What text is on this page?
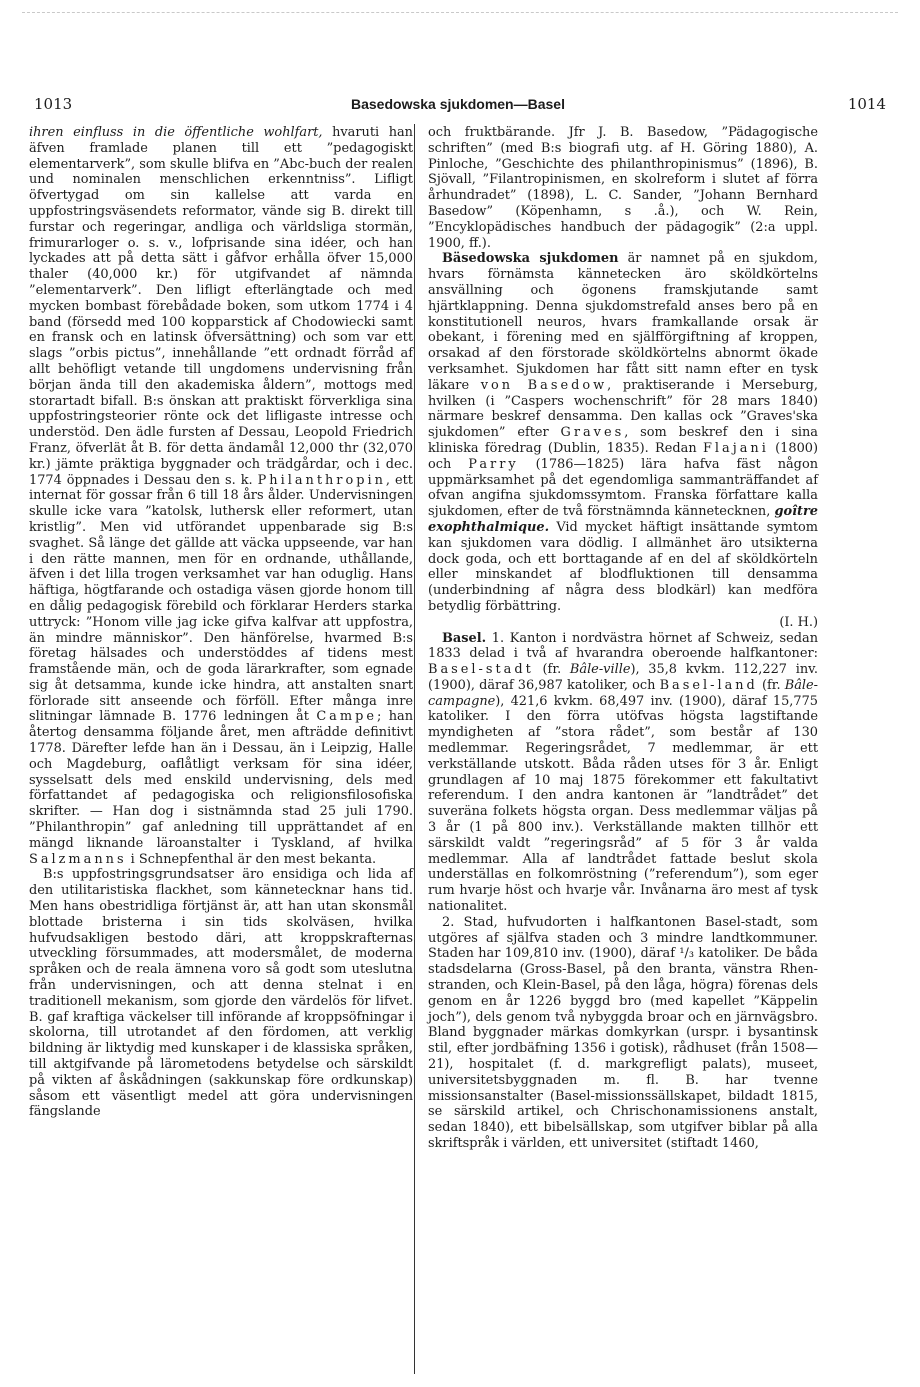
1013	Basedowska sjukdomen—Basel	1014

ihren einfluss in die öffentliche wohlfart, hvaruti han äfven framlade planen till ett ”pedagogiskt elementarverk”, som skulle blifva en ”Abc-buch der realen und nominalen menschlichen erkenntniss”. Lifligt öfvertygad om sin kallelse att varda en uppfostringsväsendets reformator, vände sig B. direkt till furstar och regeringar, andliga och världsliga stormän, frimurarloger o. s. v., lofprisande sina idéer, och han lyckades att på detta sätt i gåfvor erhålla öfver 15,000 thaler (40,000 kr.) för utgifvandet af nämnda ”elementarverk”. Den lifligt efterlängtade och med mycken bombast förebådade boken, som utkom 1774 i 4 band (försedd med 100 kopparstick af Chodowiecki samt en fransk och en latinsk öfversättning) och som var ett slags ”orbis pictus”, innehållande ”ett ordnadt förråd af allt behöfligt vetande till ungdomens undervisning från början ända till den akademiska åldern”, mottogs med storartadt bifall. B:s önskan att praktiskt förverkliga sina uppfostringsteorier rönte ock det lifligaste intresse och understöd. Den ädle fursten af Dessau, Leopold Friedrich Franz, öfverlät åt B. för detta ändamål 12,000 thr (32,070 kr.) jämte präktiga byggnader och trädgårdar, och i dec. 1774 öppnades i Dessau den s. k. Philanthropin, ett internat för gossar från 6 till 18 års ålder. Undervisningen skulle icke vara ”katolsk, luthersk eller reformert, utan kristlig”. Men vid utförandet uppenbarade sig B:s svaghet. Så länge det gällde att väcka uppseende, var han i den rätte mannen, men för en ordnande, uthållande, äfven i det lilla trogen verksamhet var han oduglig. Hans häftiga, högtfarande och ostadiga väsen gjorde honom till en dålig pedagogisk förebild och förklarar Herders starka uttryck: ”Honom ville jag icke gifva kalfvar att uppfostra, än mindre människor”. Den hänförelse, hvarmed B:s företag hälsades och understöddes af tidens mest framstående män, och de goda lärarkrafter, som egnade sig åt detsamma, kunde icke hindra, att anstalten snart förlorade sitt anseende och förföll. Efter många inre slitningar lämnade B. 1776 ledningen åt Campe; han återtog densamma följande året, men afträdde definitivt 1778. Därefter lefde han än i Dessau, än i Leipzig, Halle och Magdeburg, oaflåtligt verksam för sina idéer, sysselsatt dels med enskild undervisning, dels med författandet af pedagogiska och religionsfilosofiska skrifter. — Han dog i sistnämnda stad 25 juli 1790. ”Philanthropin” gaf anledning till upprättandet af en mängd liknande läroanstalter i Tyskland, af hvilka Salzmanns i Schnepfenthal är den mest bekanta.

B:s uppfostringsgrundsatser äro ensidiga och lida af den utilitaristiska flackhet, som kännetecknar hans tid. Men hans obestridliga förtjänst är, att han utan skonsmål blottade bristerna i sin tids skolväsen, hvilka hufvudsakligen bestodo däri, att kroppskrafternas utveckling försummades, att modersmålet, de moderna språken och de reala ämnena voro så godt som uteslutna från undervisningen, och att denna stelnat i en traditionell mekanism, som gjorde den värdelös för lifvet. B. gaf kraftiga väckelser till införande af kroppsöfningar i skolorna, till utrotandet af den fördomen, att verklig bildning är liktydig med kunskaper i de klassiska språken, till aktgifvande på lärometodens betydelse och särskildt på vikten af åskådningen (sakkunskap före ordkunskap) såsom ett väsentligt medel att göra undervisningen fängslande

och fruktbärande. Jfr J. B. Basedow, ”Pädagogische schriften” (med B:s biografi utg. af H. Göring 1880), A. Pinloche, ”Geschichte des philanthropinismus” (1896), B. Sjövall, ”Filantropinismen, en skolreform i slutet af förra århundradet” (1898), L. C. Sander, ”Johann Bernhard Basedow” (Köpenhamn, s .å.), och W. Rein, ”Encyklopädisches handbuch der pädagogik” (2:a uppl. 1900, ff.).

Bäsedowska sjukdomen är namnet på en sjukdom, hvars förnämsta kännetecken äro sköldkörtelns ansvällning och ögonens framskjutande samt hjärtklappning. Denna sjukdomstrefald anses bero på en konstitutionell neuros, hvars framkallande orsak är obekant, i förening med en själfförgiftning af kroppen, orsakad af den förstorade sköldkörtelns abnormt ökade verksamhet. Sjukdomen har fått sitt namn efter en tysk läkare von Basedow, praktiserande i Merseburg, hvilken (i ”Caspers wochenschrift” för 28 mars 1840) närmare beskref densamma. Den kallas ock ”Graves'ska sjukdomen” efter Graves, som beskref den i sina kliniska föredrag (Dublin, 1835). Redan Flajani (1800) och Parry (1786—1825) lära hafva fäst någon uppmärksamhet på det egendomliga sammanträffandet af ofvan angifna sjukdomssymtom. Franska författare kalla sjukdomen, efter de två förstnämnda kännetecknen, goître exophthalmique. Vid mycket häftigt insättande symtom kan sjukdomen vara dödlig. I allmänhet äro utsikterna dock goda, och ett borttagande af en del af sköldkörteln eller minskandet af blodfluktionen till densamma (underbindning af några dess blodkärl) kan medföra betydlig förbättring.
(I. H.)

Basel. 1. Kanton i nordvästra hörnet af Schweiz, sedan 1833 delad i två af hvarandra oberoende halfkantoner: Basel-stadt (fr. Bâle-ville), 35,8 kvkm. 112,227 inv. (1900), däraf 36,987 katoliker, och Basel-land (fr. Bâle-campagne), 421,6 kvkm. 68,497 inv. (1900), däraf 15,775 katoliker. I den förra utöfvas högsta lagstiftande myndigheten af ”stora rådet”, som består af 130 medlemmar. Regeringsrådet, 7 medlemmar, är ett verkställande utskott. Båda råden utses för 3 år. Enligt grundlagen af 10 maj 1875 förekommer ett fakultativt referendum. I den andra kantonen är ”landtrådet” det suveräna folkets högsta organ. Dess medlemmar väljas på 3 år (1 på 800 inv.). Verkställande makten tillhör ett särskildt valdt ”regeringsråd” af 5 för 3 år valda medlemmar. Alla af landtrådet fattade beslut skola underställas en folkomröstning (”referendum”), som eger rum hvarje höst och hvarje vår. Invånarna äro mest af tysk nationalitet.

2. Stad, hufvudorten i halfkantonen Basel-stadt, som utgöres af själfva staden och 3 mindre landtkommuner. Staden har 109,810 inv. (1900), däraf ¹/₃ katoliker. De båda stadsdelarna (Gross-Basel, på den branta, vänstra Rhen-stranden, och Klein-Basel, på den låga, högra) förenas dels genom en år 1226 byggd bro (med kapellet ”Käppelin joch”), dels genom två nybyggda broar och en järnvägsbro. Bland byggnader märkas domkyrkan (urspr. i bysantinsk stil, efter jordbäfning 1356 i gotisk), rådhuset (från 1508—21), hospitalet (f. d. markgrefligt palats), museet, universitetsbyggnaden m. fl. B. har tvenne missionsanstalter (Basel-missionssällskapet, bildadt 1815, se särskild artikel, och Chrischonamissionens anstalt, sedan 1840), ett bibelsällskap, som utgifver biblar på alla skriftspråk i världen, ett universitet (stiftadt 1460,
